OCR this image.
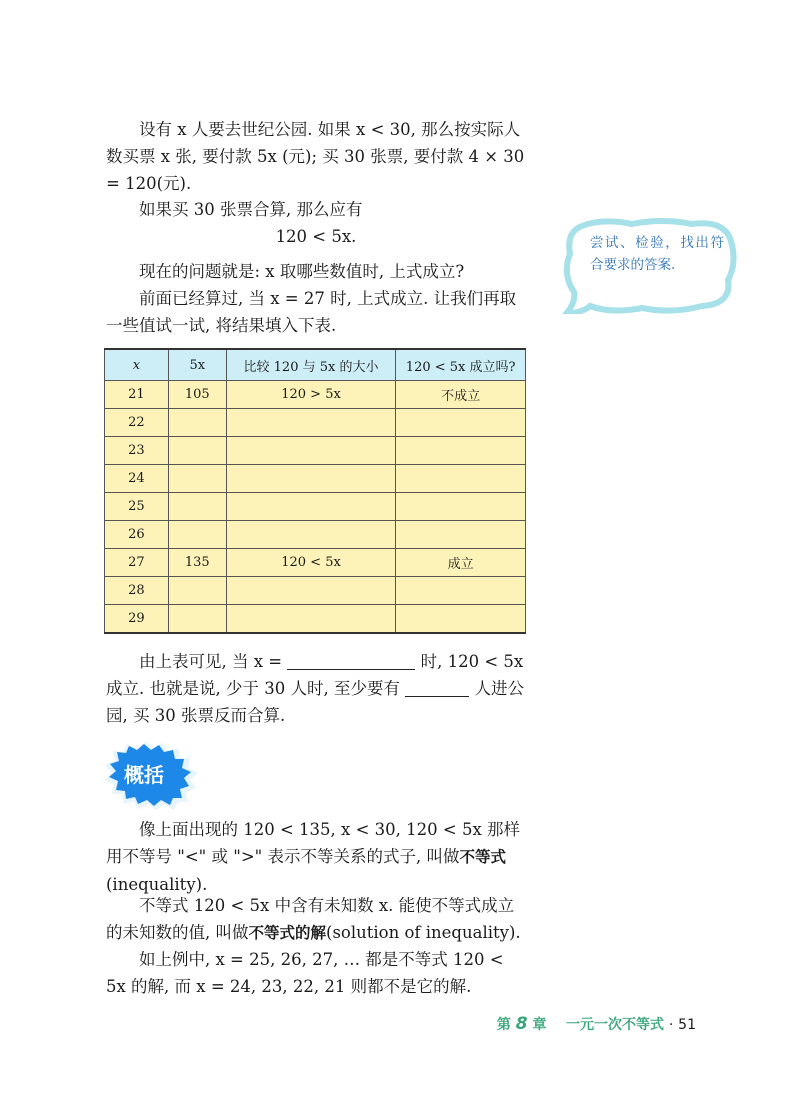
设有 x 人要去世纪公园. 如果 x < 30, 那么按实际人数买票 x 张, 要付款 5x (元); 买 30 张票, 要付款 4 × 30 = 120(元).

如果买 30 张票合算, 那么应有

120 < 5x.

现在的问题就是: x 取哪些数值时, 上式成立?

前面已经算过, 当 x = 27 时, 上式成立. 让我们再取一些值试一试, 将结果填入下表.

尝试、检验，找出符合要求的答案.
x	5x	比较 120 与 5x 的大小	120 < 5x 成立吗?
21	105	120 > 5x	不成立
22			
23			
24			
25			
26			
27	135	120 < 5x	成立
28			
29			

由上表可见, 当 x =	时, 120 < 5x 成立. 也就是说, 少于 30 人时, 至少要有	人进公园, 买 30 张票反而合算.

概括

像上面出现的 120 < 135, x < 30, 120 < 5x 那样用不等号 "<" 或 ">" 表示不等关系的式子, 叫做不等式(inequality).

不等式 120 < 5x 中含有未知数 x. 能使不等式成立的未知数的值, 叫做不等式的解(solution of inequality).

如上例中, x = 25, 26, 27, … 都是不等式 120 < 5x 的解, 而 x = 24, 23, 22, 21 则都不是它的解.

第 8 章 一元一次不等式 · 51
